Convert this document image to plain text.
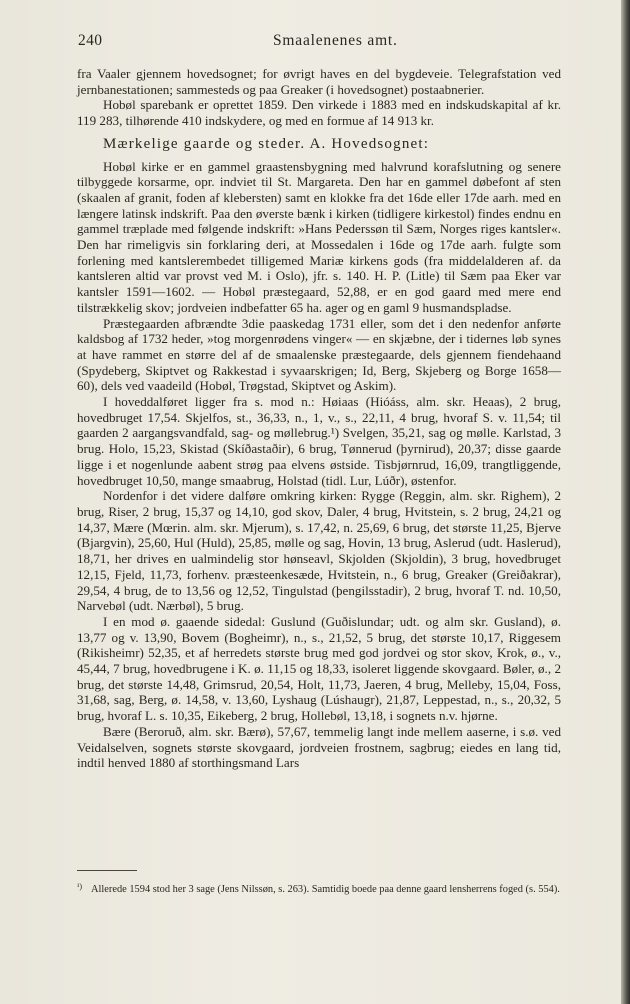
240	Smaalenenes amt.

fra Vaaler gjennem hovedsognet; for øvrigt haves en del bygdeveie. Telegrafstation ved jernbanestationen; sammesteds og paa Greaker (i hovedsognet) postaabnerier.

Hobøl sparebank er oprettet 1859. Den virkede i 1883 med en indskudskapital af kr. 119 283, tilhørende 410 indskydere, og med en formue af 14 913 kr.

Mærkelige gaarde og steder. A. Hovedsognet:

Hobøl kirke er en gammel graastensbygning med halvrund korafslutning og senere tilbyggede korsarme, opr. indviet til St. Margareta. Den har en gammel døbefont af sten (skaalen af granit, foden af klebersten) samt en klokke fra det 16de eller 17de aarh. med en længere latinsk indskrift. Paa den øverste bænk i kirken (tidligere kirkestol) findes endnu en gammel træplade med følgende indskrift: »Hans Pederssøn til Sæm, Norges riges kantsler«. Den har rimeligvis sin forklaring deri, at Mossedalen i 16de og 17de aarh. fulgte som forlening med kantslerembedet tilligemed Mariæ kirkens gods (fra middelalderen af. da kantsleren altid var provst ved M. i Oslo), jfr. s. 140. H. P. (Litle) til Sæm paa Eker var kantsler 1591—1602. — Hobøl præstegaard, 52,88, er en god gaard med mere end tilstrækkelig skov; jordveien indbefatter 65 ha. ager og en gaml 9 husmandspladse.

Præstegaarden afbrændte 3die paaskedag 1731 eller, som det i den nedenfor anførte kaldsbog af 1732 heder, »tog morgenrødens vinger« — en skjæbne, der i tidernes løb synes at have rammet en større del af de smaalenske præstegaarde, dels gjennem fiendehaand (Spydeberg, Skiptvet og Rakkestad i syvaarskrigen; Id, Berg, Skjeberg og Borge 1658—60), dels ved vaadeild (Hobøl, Trøgstad, Skiptvet og Askim).

I hoveddalføret ligger fra s. mod n.: Høiaas (Hióáss, alm. skr. Heaas), 2 brug, hovedbruget 17,54. Skjelfos, st., 36,33, n., 1, v., s., 22,11, 4 brug, hvoraf S. v. 11,54; til gaarden 2 aargangsvandfald, sag- og møllebrug.¹) Svelgen, 35,21, sag og mølle. Karlstad, 3 brug. Holo, 15,23, Skistad (Skíðastaðir), 6 brug, Tønnerud (þyrnirud), 20,37; disse gaarde ligge i et nogenlunde aabent strøg paa elvens østside. Tisbjørnrud, 16,09, trangtliggende, hovedbruget 10,50, mange smaabrug, Holstad (tidl. Lur, Lúðr), østenfor.

Nordenfor i det videre dalføre omkring kirken: Rygge (Reggin, alm. skr. Righem), 2 brug, Riser, 2 brug, 15,37 og 14,10, god skov, Daler, 4 brug, Hvitstein, s. 2 brug, 24,21 og 14,37, Mære (Mœrin. alm. skr. Mjerum), s. 17,42, n. 25,69, 6 brug, det største 11,25, Bjerve (Bjargvin), 25,60, Hul (Huld), 25,85, mølle og sag, Hovin, 13 brug, Aslerud (udt. Haslerud), 18,71, her drives en ualmindelig stor hønseavl, Skjolden (Skjoldin), 3 brug, hovedbruget 12,15, Fjeld, 11,73, forhenv. præsteenkesæde, Hvitstein, n., 6 brug, Greaker (Greiðakrar), 29,54, 4 brug, de to 13,56 og 12,52, Tingulstad (þengilsstadir), 2 brug, hvoraf T. nd. 10,50, Narvebøl (udt. Nærbøl), 5 brug.

I en mod ø. gaaende sidedal: Guslund (Guðislundar; udt. og alm skr. Gusland), ø. 13,77 og v. 13,90, Bovem (Bogheimr), n., s., 21,52, 5 brug, det største 10,17, Riggesem (Rikisheimr) 52,35, et af herredets største brug med god jordvei og stor skov, Krok, ø., v., 45,44, 7 brug, hovedbrugene i K. ø. 11,15 og 18,33, isoleret liggende skovgaard. Bøler, ø., 2 brug, det største 14,48, Grimsrud, 20,54, Holt, 11,73, Jaeren, 4 brug, Melleby, 15,04, Foss, 31,68, sag, Berg, ø. 14,58, v. 13,60, Lyshaug (Lúshaugr), 21,87, Leppestad, n., s., 20,32, 5 brug, hvoraf L. s. 10,35, Eikeberg, 2 brug, Hollebøl, 13,18, i sognets n.v. hjørne.

Bære (Beroruð, alm. skr. Bærø), 57,67, temmelig langt inde mellem aaserne, i s.ø. ved Veidalselven, sognets største skovgaard, jordveien frostnem, sagbrug; eiedes en lang tid, indtil henved 1880 af storthingsmand Lars

¹) Allerede 1594 stod her 3 sage (Jens Nilssøn, s. 263). Samtidig boede paa denne gaard lensherrens foged (s. 554).
